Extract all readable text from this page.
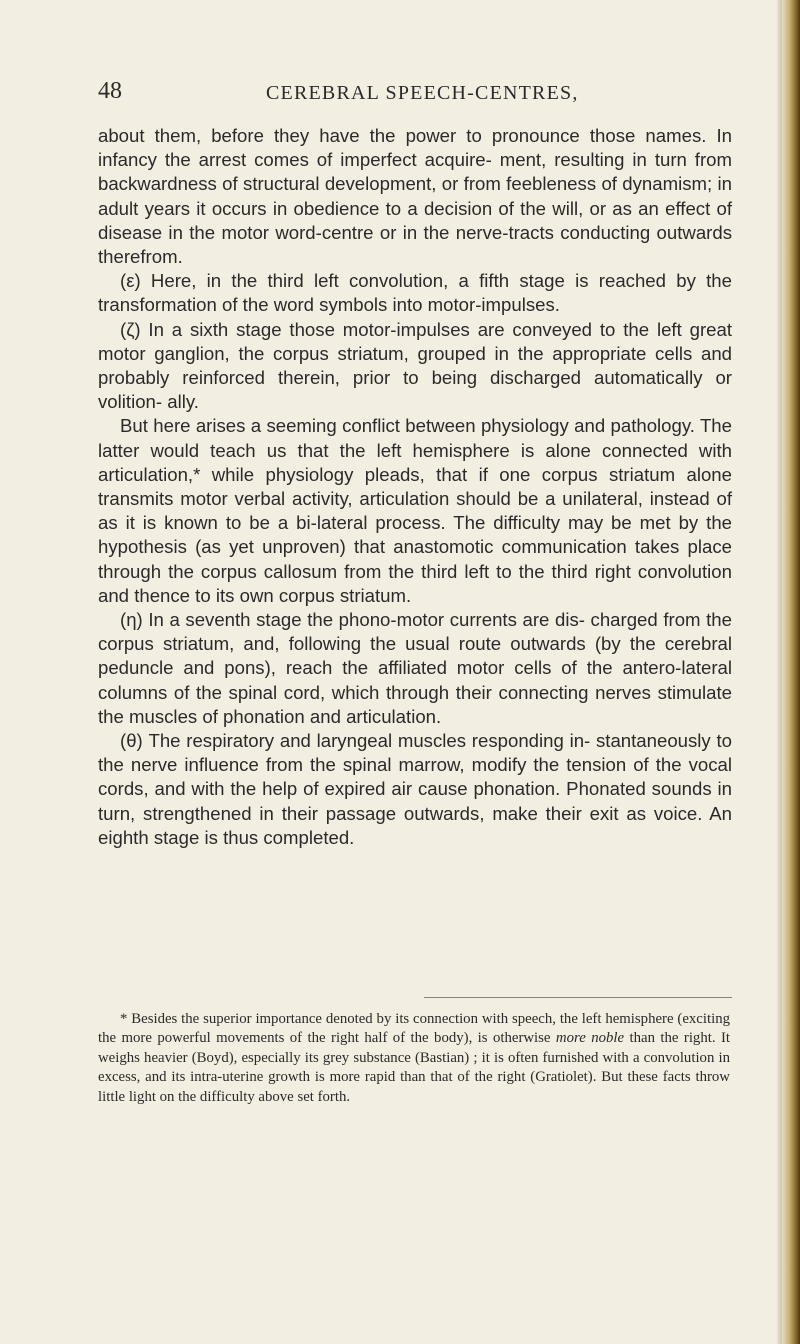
48	CEREBRAL SPEECH-CENTRES,

about them, before they have the power to pronounce those names. In infancy the arrest comes of imperfect acquire- ment, resulting in turn from backwardness of structural development, or from feebleness of dynamism; in adult years it occurs in obedience to a decision of the will, or as an effect of disease in the motor word-centre or in the nerve-tracts conducting outwards therefrom.

(ε) Here, in the third left convolution, a fifth stage is reached by the transformation of the word symbols into motor-impulses.

(ζ) In a sixth stage those motor-impulses are conveyed to the left great motor ganglion, the corpus striatum, grouped in the appropriate cells and probably reinforced therein, prior to being discharged automatically or volition- ally.

But here arises a seeming conflict between physiology and pathology. The latter would teach us that the left hemisphere is alone connected with articulation,* while physiology pleads, that if one corpus striatum alone transmits motor verbal activity, articulation should be a unilateral, instead of as it is known to be a bi-lateral process. The difficulty may be met by the hypothesis (as yet unproven) that anastomotic communication takes place through the corpus callosum from the third left to the third right convolution and thence to its own corpus striatum.

(η) In a seventh stage the phono-motor currents are dis- charged from the corpus striatum, and, following the usual route outwards (by the cerebral peduncle and pons), reach the affiliated motor cells of the antero-lateral columns of the spinal cord, which through their connecting nerves stimulate the muscles of phonation and articulation.

(θ) The respiratory and laryngeal muscles responding in- stantaneously to the nerve influence from the spinal marrow, modify the tension of the vocal cords, and with the help of expired air cause phonation. Phonated sounds in turn, strengthened in their passage outwards, make their exit as voice. An eighth stage is thus completed.

* Besides the superior importance denoted by its connection with speech, the left hemisphere (exciting the more powerful movements of the right half of the body), is otherwise more noble than the right. It weighs heavier (Boyd), especially its grey substance (Bastian) ; it is often furnished with a convolution in excess, and its intra-uterine growth is more rapid than that of the right (Gratiolet). But these facts throw little light on the difficulty above set forth.
